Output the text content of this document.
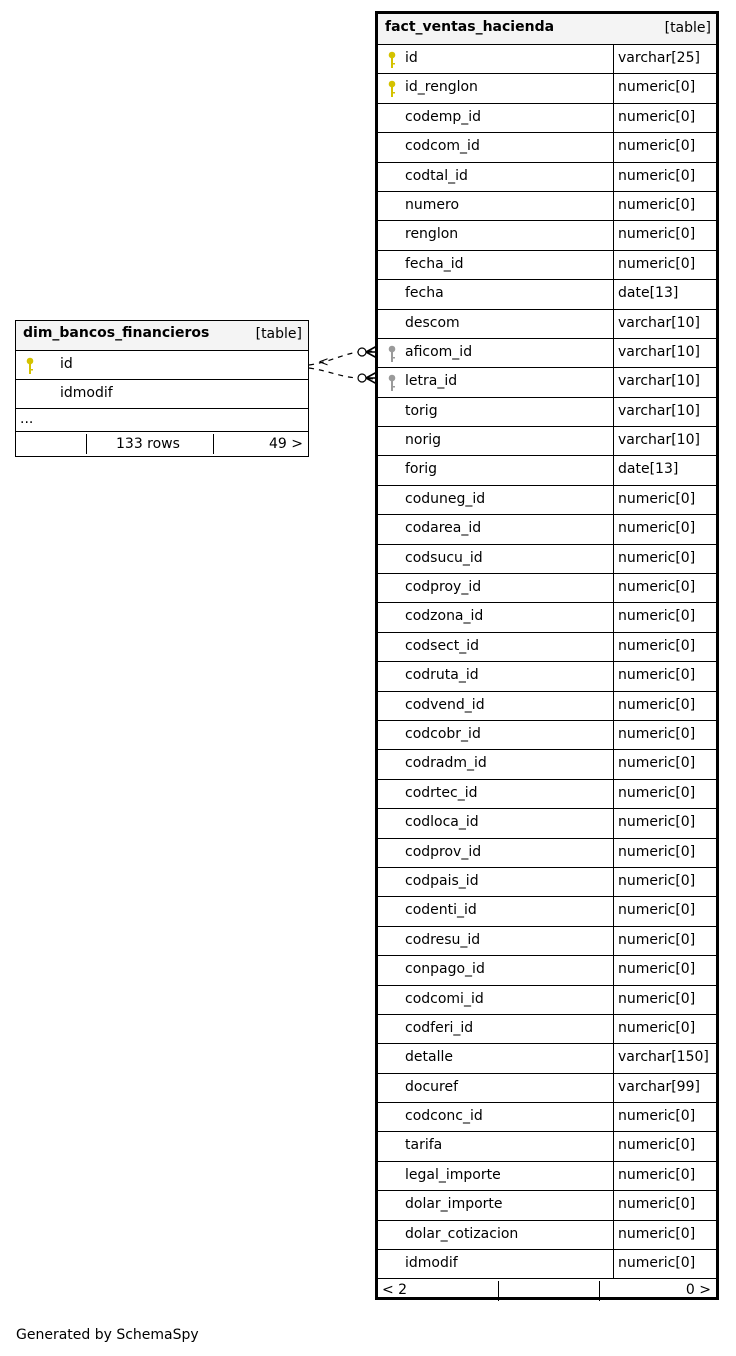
<
dim_bancos_financieros	[table]
id
idmodif
...
133 rows	49 >
fact_ventas_hacienda	[table]
id	varchar[25]
id_renglon	numeric[0]
codemp_id	numeric[0]
codcom_id	numeric[0]
codtal_id	numeric[0]
numero	numeric[0]
renglon	numeric[0]
fecha_id	numeric[0]
fecha	date[13]
descom	varchar[10]
aficom_id	varchar[10]
letra_id	varchar[10]
torig	varchar[10]
norig	varchar[10]
forig	date[13]
coduneg_id	numeric[0]
codarea_id	numeric[0]
codsucu_id	numeric[0]
codproy_id	numeric[0]
codzona_id	numeric[0]
codsect_id	numeric[0]
codruta_id	numeric[0]
codvend_id	numeric[0]
codcobr_id	numeric[0]
codradm_id	numeric[0]
codrtec_id	numeric[0]
codloca_id	numeric[0]
codprov_id	numeric[0]
codpais_id	numeric[0]
codenti_id	numeric[0]
codresu_id	numeric[0]
conpago_id	numeric[0]
codcomi_id	numeric[0]
codferi_id	numeric[0]
detalle	varchar[150]
docuref	varchar[99]
codconc_id	numeric[0]
tarifa	numeric[0]
legal_importe	numeric[0]
dolar_importe	numeric[0]
dolar_cotizacion	numeric[0]
idmodif	numeric[0]
< 2	0 >
Generated by SchemaSpy
